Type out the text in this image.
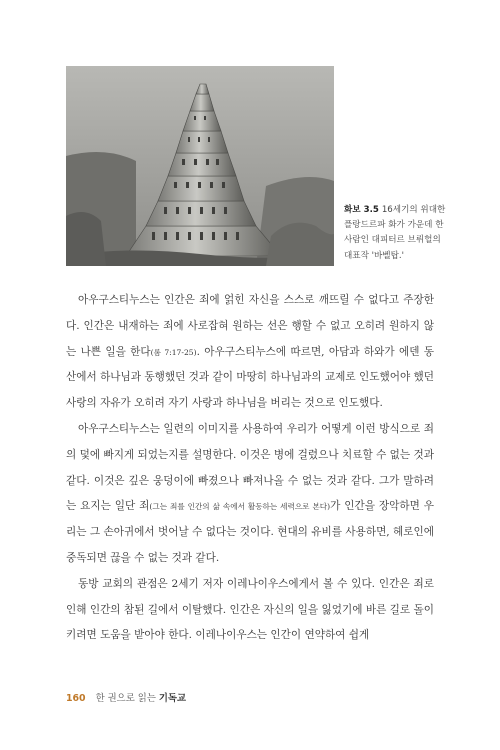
화보 3.5 16세기의 위대한 플랑드르파 화가 가운데 한 사람인 대피터르 브뤼헐의 대표작 '바벨탑.'

아우구스티누스는 인간은 죄에 얽힌 자신을 스스로 깨뜨릴 수 없다고 주장한다. 인간은 내재하는 죄에 사로잡혀 원하는 선은 행할 수 없고 오히려 원하지 않는 나쁜 일을 한다(롬 7:17-25). 아우구스티누스에 따르면, 아담과 하와가 에덴 동산에서 하나님과 동행했던 것과 같이 마땅히 하나님과의 교제로 인도했어야 했던 사랑의 자유가 오히려 자기 사랑과 하나님을 버리는 것으로 인도했다.

아우구스티누스는 일련의 이미지를 사용하여 우리가 어떻게 이런 방식으로 죄의 덫에 빠지게 되었는지를 설명한다. 이것은 병에 걸렸으나 치료할 수 없는 것과 같다. 이것은 깊은 웅덩이에 빠졌으나 빠져나올 수 없는 것과 같다. 그가 말하려는 요지는 일단 죄(그는 죄를 인간의 삶 속에서 활동하는 세력으로 본다)가 인간을 장악하면 우리는 그 손아귀에서 벗어날 수 없다는 것이다. 현대의 유비를 사용하면, 헤로인에 중독되면 끊을 수 없는 것과 같다.

동방 교회의 관점은 2세기 저자 이레나이우스에게서 볼 수 있다. 인간은 죄로 인해 인간의 참된 길에서 이탈했다. 인간은 자신의 일을 잃었기에 바른 길로 돌이키려면 도움을 받아야 한다. 이레나이우스는 인간이 연약하여 쉽게

160 한 권으로 읽는 기독교
